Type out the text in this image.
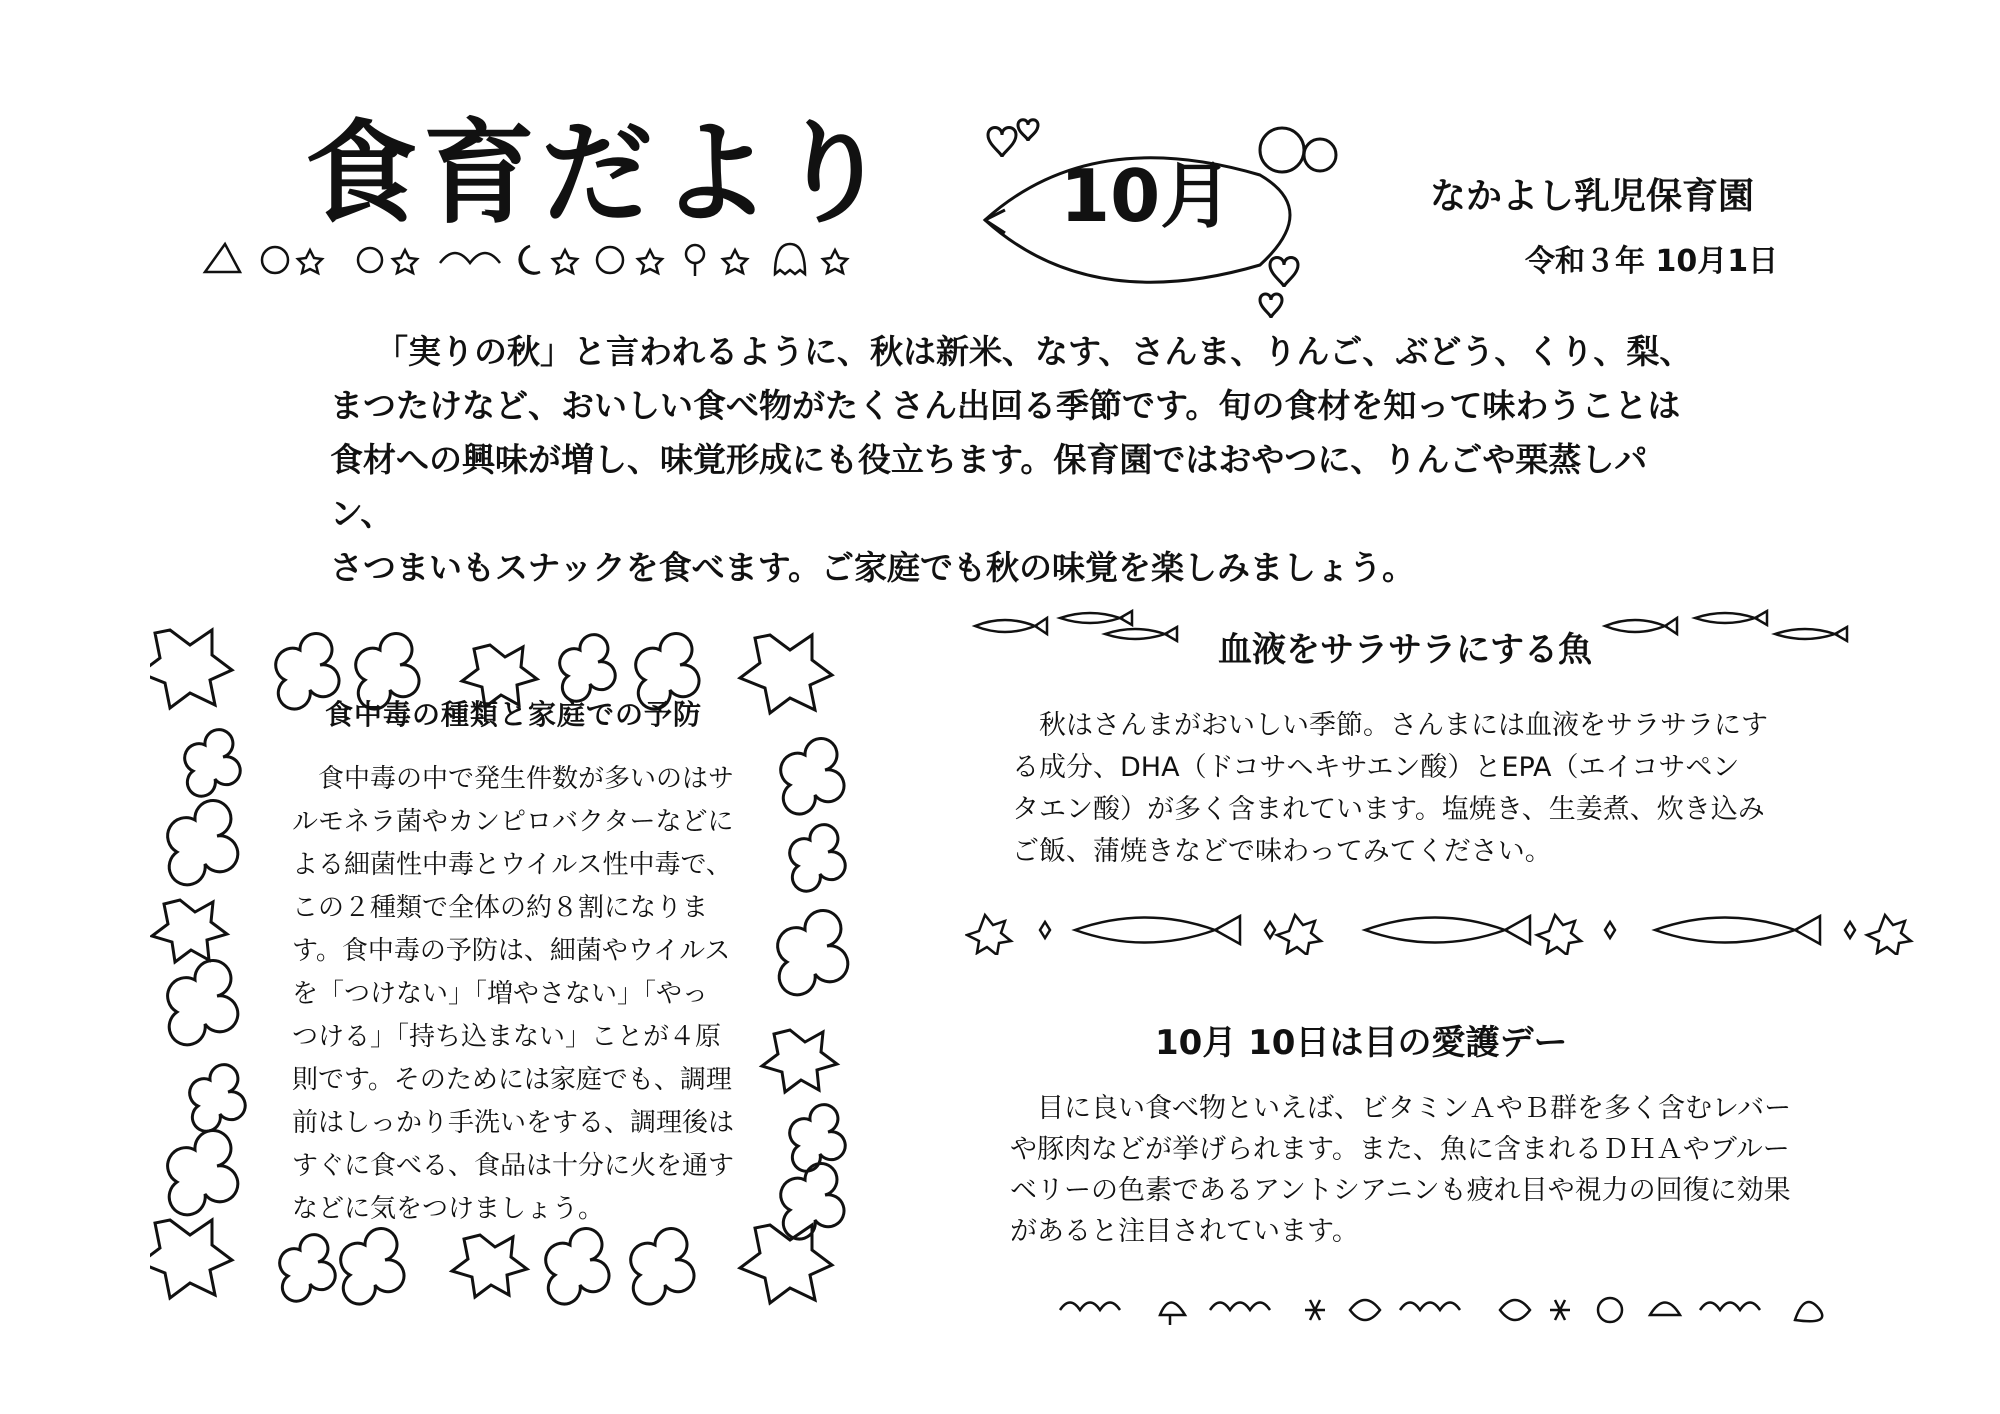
食育だより 10月	なかよし乳児保育園
令和３年 10月1日

「実りの秋」と言われるように、秋は新米、なす、さんま、りんご、ぶどう、くり、梨、

まつたけなど、おいしい食べ物がたくさん出回る季節です。旬の食材を知って味わうことは

食材への興味が増し、味覚形成にも役立ちます。保育園ではおやつに、りんごや栗蒸しパン、

さつまいもスナックを食べます。ご家庭でも秋の味覚を楽しみましょう。

食中毒の種類と家庭での予防

　食中毒の中で発生件数が多いのはサ

ルモネラ菌やカンピロバクターなどに

よる細菌性中毒とウイルス性中毒で、

この２種類で全体の約８割になりま

す。食中毒の予防は、細菌やウイルス

を「つけない」「増やさない」「やっ

つける」「持ち込まない」ことが４原

則です。そのためには家庭でも、調理

前はしっかり手洗いをする、調理後は

すぐに食べる、食品は十分に火を通す

などに気をつけましょう。

血液をサラサラにする魚

　秋はさんまがおいしい季節。さんまには血液をサラサラにす

る成分、DHA（ドコサヘキサエン酸）とEPA（エイコサペン

タエン酸）が多く含まれています。塩焼き、生姜煮、炊き込み

ご飯、蒲焼きなどで味わってみてください。

10月 10日は目の愛護デー

　目に良い食べ物といえば、ビタミンＡやＢ群を多く含むレバー

や豚肉などが挙げられます。また、魚に含まれるＤＨＡやブルー

ベリーの色素であるアントシアニンも疲れ目や視力の回復に効果

があると注目されています。
